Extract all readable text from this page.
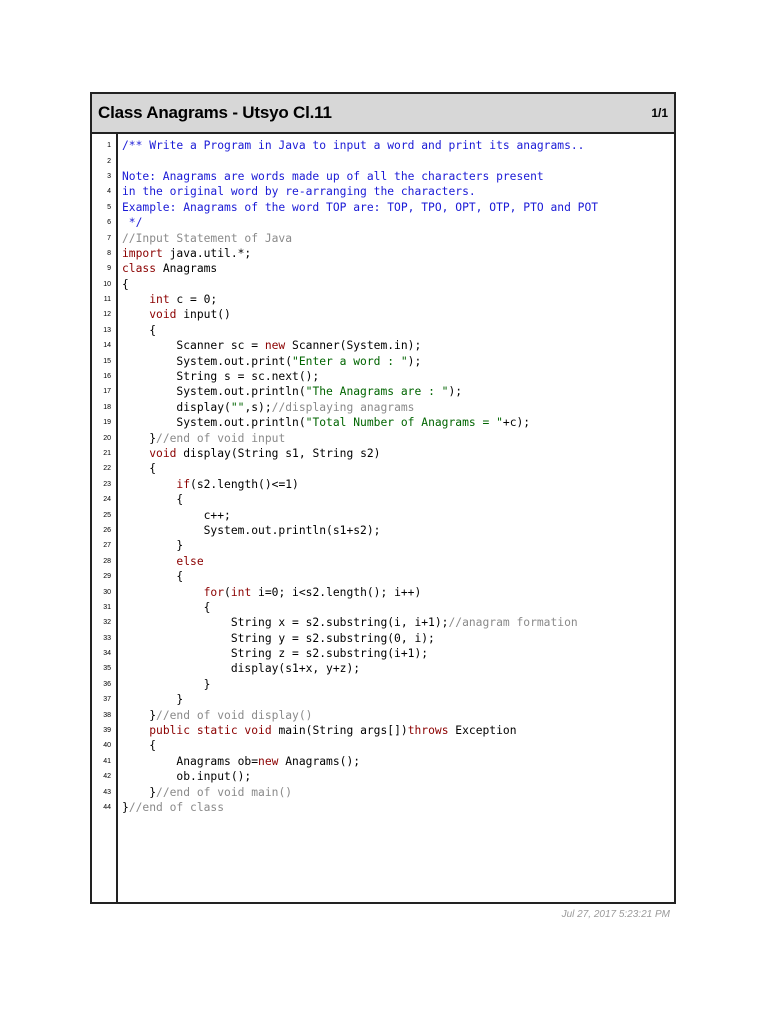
Class Anagrams - Utsyo Cl.11	1/1
1 /** Write a Program in Java to input a word and print its anagrams..
2
3 Note: Anagrams are words made up of all the characters present
4 in the original word by re-arranging the characters.
5 Example: Anagrams of the word TOP are: TOP, TPO, OPT, OTP, PTO and POT
6 */
7 //Input Statement of Java
8 import java.util.*;
9 class Anagrams
10 {
11	int c = 0;
12	void input()
13 {
14 Scanner sc = new Scanner(System.in);
15 System.out.print("Enter a word : ");
16 String s = sc.next();
17 System.out.println("The Anagrams are : ");
18 display("",s);//displaying anagrams
19 System.out.println("Total Number of Anagrams = "+c);
20 }//end of void input
21	void display(String s1, String s2)
22 {
23	if(s2.length()<=1)
24 {
25 c++;
26 System.out.println(s1+s2);
27 }
28	else
29 {
30	for(int i=0; i<s2.length(); i++)
31 {
32 String x = s2.substring(i, i+1);//anagram formation
33 String y = s2.substring(0, i);
34 String z = s2.substring(i+1);
35 display(s1+x, y+z);
36 }
37 }
38 }//end of void display()
39	public static void main(String args[])throws Exception
40 {
41 Anagrams ob=new Anagrams();
42 ob.input();
43 }//end of void main()
44 }//end of class
Jul 27, 2017 5:23:21 PM
